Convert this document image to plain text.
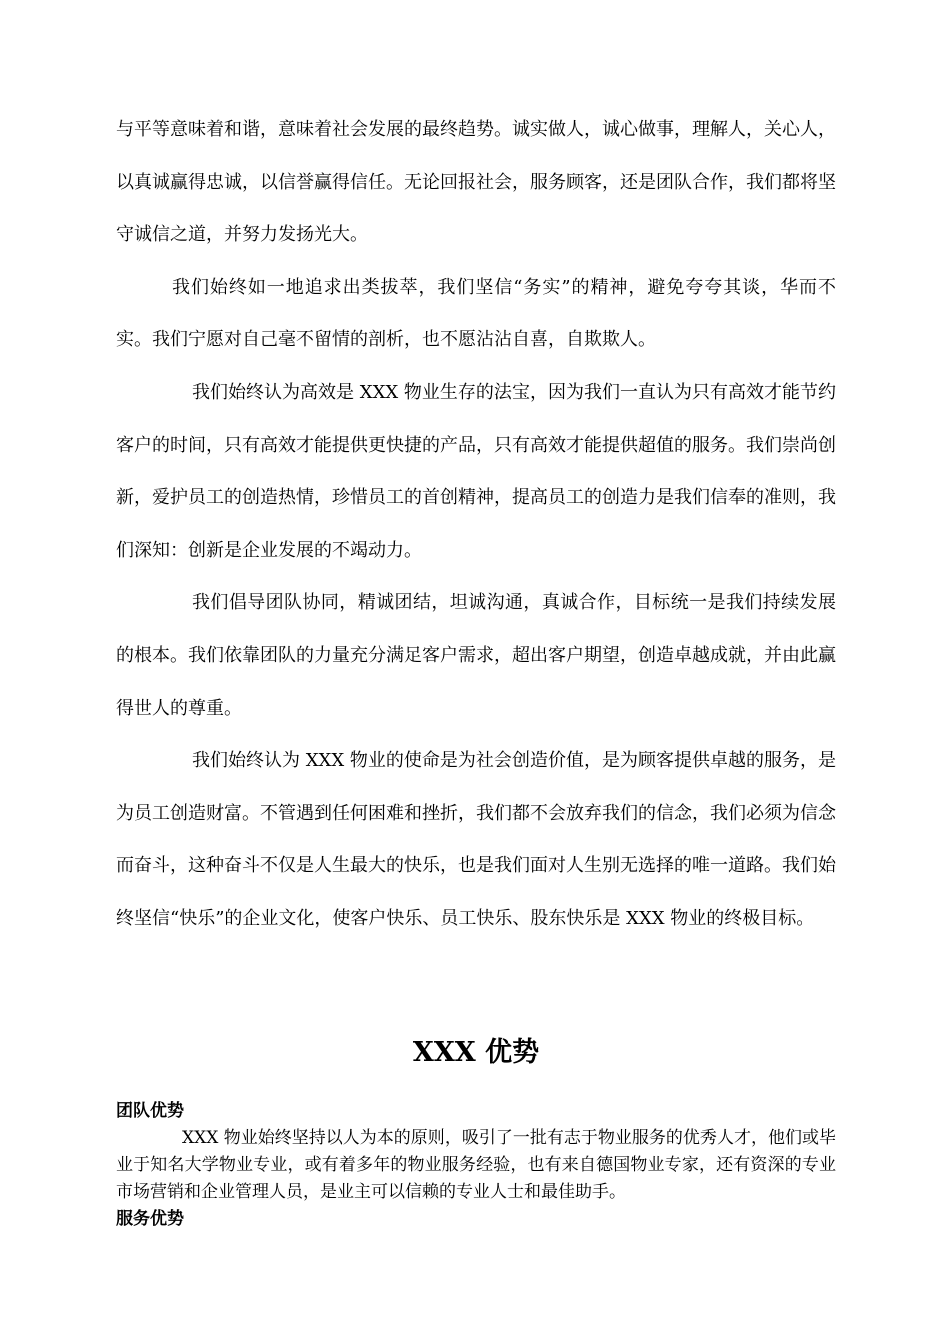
与平等意味着和谐，意味着社会发展的最终趋势。诚实做人，诚心做事，理解人，关心人，以真诚赢得忠诚，以信誉赢得信任。无论回报社会，服务顾客，还是团队合作，我们都将坚守诚信之道，并努力发扬光大。

我们始终如一地追求出类拔萃，我们坚信“务实”的精神，避免夸夸其谈，华而不实。我们宁愿对自己毫不留情的剖析，也不愿沾沾自喜，自欺欺人。

我们始终认为高效是 XXX 物业生存的法宝，因为我们一直认为只有高效才能节约客户的时间，只有高效才能提供更快捷的产品，只有高效才能提供超值的服务。我们崇尚创新，爱护员工的创造热情，珍惜员工的首创精神，提高员工的创造力是我们信奉的准则，我们深知：创新是企业发展的不竭动力。

我们倡导团队协同，精诚团结，坦诚沟通，真诚合作，目标统一是我们持续发展的根本。我们依靠团队的力量充分满足客户需求，超出客户期望，创造卓越成就，并由此赢得世人的尊重。

我们始终认为 XXX 物业的使命是为社会创造价值，是为顾客提供卓越的服务，是为员工创造财富。不管遇到任何困难和挫折，我们都不会放弃我们的信念，我们必须为信念而奋斗，这种奋斗不仅是人生最大的快乐，也是我们面对人生别无选择的唯一道路。我们始终坚信“快乐”的企业文化，使客户快乐、员工快乐、股东快乐是 XXX 物业的终极目标。

XXX 优势

团队优势

XXX 物业始终坚持以人为本的原则，吸引了一批有志于物业服务的优秀人才，他们或毕业于知名大学物业专业，或有着多年的物业服务经验，也有来自德国物业专家，还有资深的专业市场营销和企业管理人员，是业主可以信赖的专业人士和最佳助手。

服务优势
